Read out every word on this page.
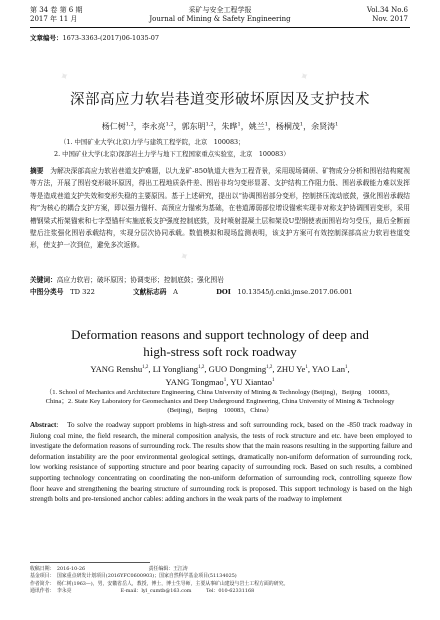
第 34 卷 第 6 期
2017 年 11 月
采矿与安全工程学报
Journal of Mining & Safety Engineering
Vol.34 No.6
Nov. 2017
文章编号：1673-3363-(2017)06-1035-07
✦	✦
✦
深部高应力软岩巷道变形破坏原因及支护技术
杨仁树$^{1,2}$，李永亮$^{1,2}$，郭东明$^{1,2}$，朱晔$^1$，姚兰$^1$，杨桐茂$^1$，余贤涛$^1$
（1. 中国矿业大学(北京)力学与建筑工程学院，北京　100083；
2. 中国矿业大学(北京)深部岩土力学与地下工程国家重点实验室，北京　100083）
摘要　 为解决深部高应力软岩巷道支护难题，以九龙矿-850轨道大巷为工程背景，采用现场调研、矿物成分分析和围岩结构窥视等方法，开展了围岩变形破坏原因，得出工程地质条件差、围岩非均匀变形显著、支护结构工作阻力低、围岩承载能力难以发挥等是造成巷道支护失效和变形失稳的主要原因。基于上述研究，提出以“协调围岩部分变形，控制挤压流动底鼓，强化围岩承载结构”为核心的耦合支护方案，即以强力锚杆、高预应力锚索为基础，在巷道薄弱部位增设锚索实现非对称支护协调围岩变形，采用槽钢梁式桁架锚索和七字型锚杆实施底板支护强度控制底鼓，及时喷射混凝土层和架设U型钢使表面围岩均匀受压，最后全断面壁后注浆强化围岩承载结构，实现分层次协同承载。数值模拟和现场监测表明，该支护方案可有效控制深部高应力软岩巷道变形，使支护一次到位，避免多次返修。
关键词：高应力软岩；破坏原因；协调变形；控制底鼓；强化围岩
中图分类号　 TD 322	文献标志码　 A	DOI　 10.13545/j.cnki.jmse.2017.06.001
Deformation reasons and support technology of deep and high-stress soft rock roadway
YANG Renshu$^{1,2}$, LI Yongliang$^{1,2}$, GUO Dongming$^{1,2}$, ZHU Ye$^1$, YAO Lan$^1$, YANG Tongmao$^1$, YU Xiantao$^1$
（1. School of Mechanics and Architecture Engineering, China University of Mining & Technology (Beijing)，Beijing　100083，China；2. State Key Laboratory for Geomechanics and Deep Underground Engineering, China University of Mining & Technology (Beijing)，Beijing　100083，China）
Abstract:　To solve the roadway support problems in high-stress and soft surrounding rock, based on the -850 track roadway in Jiulong coal mine, the field research, the mineral composition analysis, the tests of rock structure and etc. have been employed to investigate the deformation reasons of surrounding rock. The results show that the main reasons resulting in the supporting failure and deformation instability are the poor environmental geological settings, dramatically non-uniform deformation of surrounding rock, low working resistance of supporting structure and poor bearing capacity of surrounding rock. Based on such results, a combined supporting technology concentrating on coordinating the non-uniform deformation of surrounding rock, controlling squeeze flow floor heave and strengthening the bearing structure of surrounding rock is proposed. This support technology is based on the high strength bolts and pre-tensioned anchor cables: adding anchors in the weak parts of the roadway to implement
收稿日期：　2016-10-26　　　　　　　　　　　　　责任编辑：王江涛
基金项目：　国家重点研发计划项目(2016YFC0600903)；国家自然科学基金项目(51134025)
作者简介：　杨仁树(1963—)，男，安徽省岳人，教授，博士，博士生导师，主要从事矿山建设与岩土工程方面的研究。
通讯作者：　李永亮　　　　　　　　　　E-mail：lyl_cumtb@163.com　　　Tel：010-62331168
